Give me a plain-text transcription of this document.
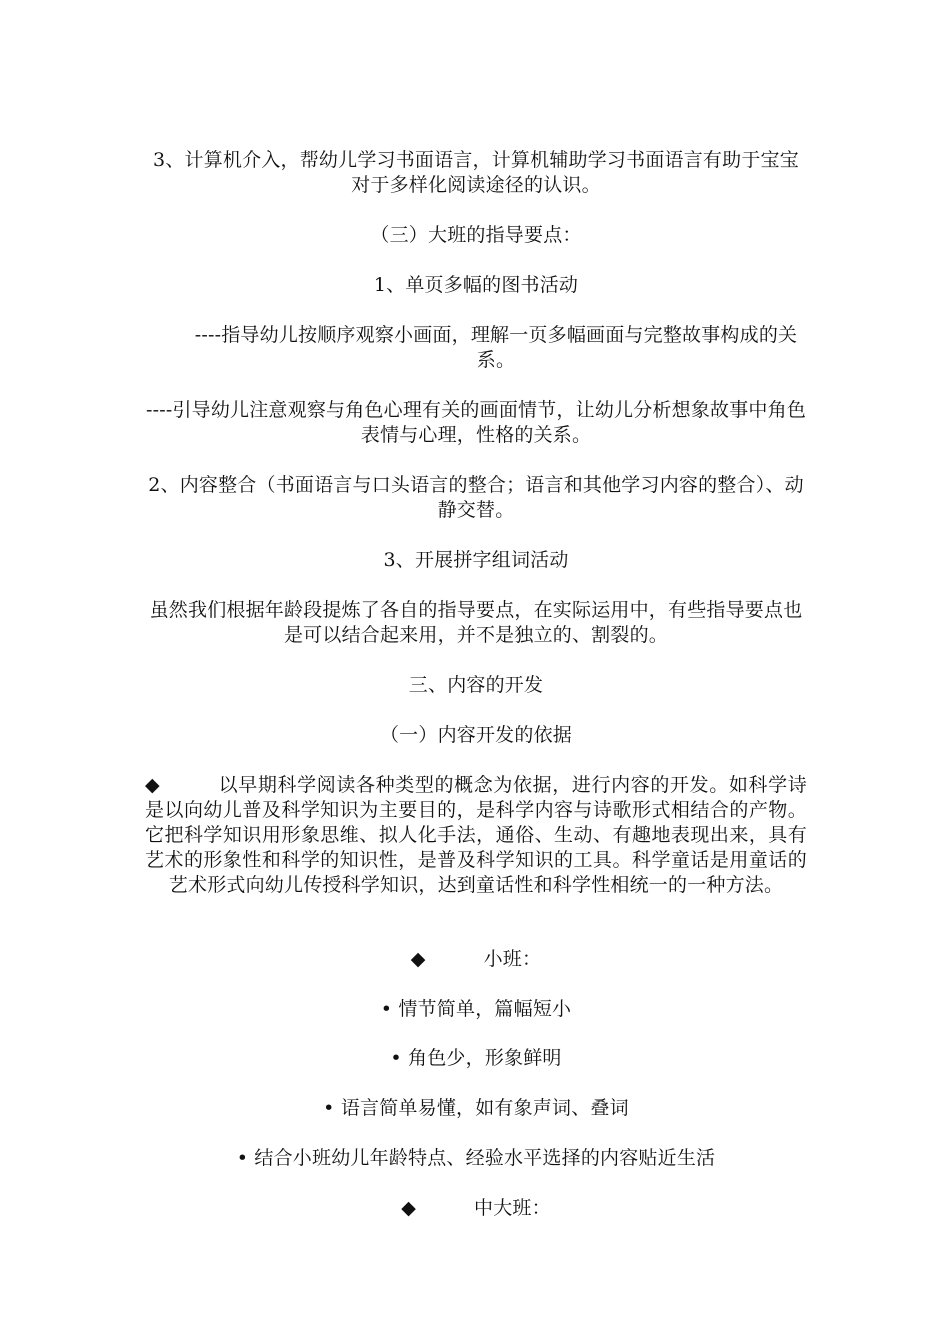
3、计算机介入，帮幼儿学习书面语言，计算机辅助学习书面语言有助于宝宝对于多样化阅读途径的认识。

（三）大班的指导要点：

1、单页多幅的图书活动

----指导幼儿按顺序观察小画面，理解一页多幅画面与完整故事构成的关系。

----引导幼儿注意观察与角色心理有关的画面情节，让幼儿分析想象故事中角色表情与心理，性格的关系。

2、内容整合（书面语言与口头语言的整合；语言和其他学习内容的整合）、动静交替。

3、开展拼字组词活动

虽然我们根据年龄段提炼了各自的指导要点，在实际运用中，有些指导要点也是可以结合起来用，并不是独立的、割裂的。

三、内容的开发

（一）内容开发的依据

◆	以早期科学阅读各种类型的概念为依据，进行内容的开发。如科学诗是以向幼儿普及科学知识为主要目的，是科学内容与诗歌形式相结合的产物。它把科学知识用形象思维、拟人化手法，通俗、生动、有趣地表现出来，具有艺术的形象性和科学的知识性，是普及科学知识的工具。科学童话是用童话的艺术形式向幼儿传授科学知识，达到童话性和科学性相统一的一种方法。

◆	小班：

• 情节简单，篇幅短小

• 角色少，形象鲜明

• 语言简单易懂，如有象声词、叠词

• 结合小班幼儿年龄特点、经验水平选择的内容贴近生活

◆	中大班：
